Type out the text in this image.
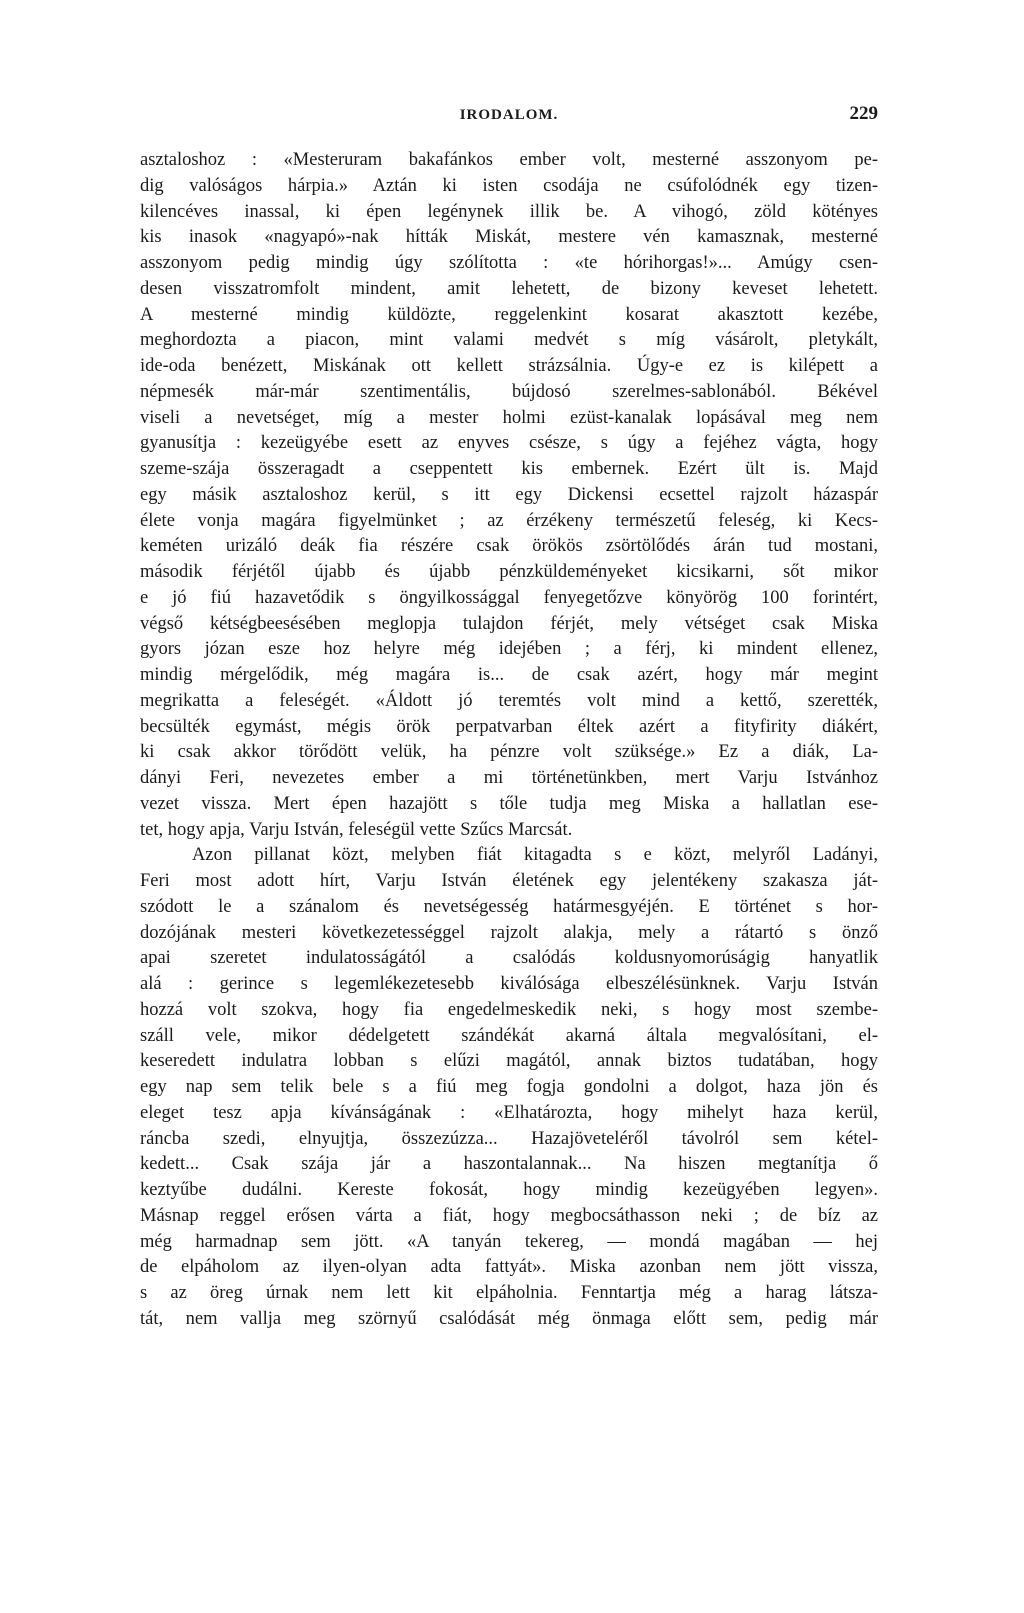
IRODALOM.	229
asztaloshoz : «Mesteruram bakafánkos ember volt, mesterné asszonyom pe-
dig valóságos hárpia.» Aztán ki isten csodája ne csúfolódnék egy tizen-
kilencéves inassal, ki épen legénynek illik be. A vihogó, zöld kötényes
kis inasok «nagyapó»-nak hítták Miskát, mestere vén kamasznak, mesterné
asszonyom pedig mindig úgy szólította : «te hórihorgas!»... Amúgy csen-
desen visszatromfolt mindent, amit lehetett, de bizony keveset lehetett.
A mesterné mindig küldözte, reggelenkint kosarat akasztott kezébe,
meghordozta a piacon, mint valami medvét s míg vásárolt, pletykált,
ide-oda benézett, Miskának ott kellett strázsálnia. Úgy-e ez is kilépett a
népmesék már-már szentimentális, bújdosó szerelmes-sablonából. Békével
viseli a nevetséget, míg a mester holmi ezüst-kanalak lopásával meg nem
gyanusítja : kezeügyébe esett az enyves csésze, s úgy a fejéhez vágta, hogy
szeme-szája összeragadt a cseppentett kis embernek. Ezért ült is. Majd
egy másik asztaloshoz kerül, s itt egy Dickensi ecsettel rajzolt házaspár
élete vonja magára figyelmünket ; az érzékeny természetű feleség, ki Kecs-
keméten urizáló deák fia részére csak örökös zsörtölődés árán tud mostani,
második férjétől újabb és újabb pénzküldeményeket kicsikarni, sőt mikor
e jó fiú hazavetődik s öngyilkossággal fenyegetőzve könyörög 100 forintért,
végső kétségbeesésében meglopja tulajdon férjét, mely vétséget csak Miska
gyors józan esze hoz helyre még idejében ; a férj, ki mindent ellenez,
mindig mérgelődik, még magára is... de csak azért, hogy már megint
megrikatta a feleségét. «Áldott jó teremtés volt mind a kettő, szerették,
becsülték egymást, mégis örök perpatvarban éltek azért a fityfirity diákért,
ki csak akkor törődött velük, ha pénzre volt szüksége.» Ez a diák, La-
dányi Feri, nevezetes ember a mi történetünkben, mert Varju Istvánhoz
vezet vissza. Mert épen hazajött s tőle tudja meg Miska a hallatlan ese-
tet, hogy apja, Varju István, feleségül vette Szűcs Marcsát.
Azon pillanat közt, melyben fiát kitagadta s e közt, melyről Ladányi,
Feri most adott hírt, Varju István életének egy jelentékeny szakasza ját-
szódott le a szánalom és nevetségesség határmesgyéjén. E történet s hor-
dozójának mesteri következetességgel rajzolt alakja, mely a rátartó s önző
apai szeretet indulatosságától a csalódás koldusnyomorúságig hanyatlik
alá : gerince s legemlékezetesebb kiválósága elbeszélésünknek. Varju István
hozzá volt szokva, hogy fia engedelmeskedik neki, s hogy most szembe-
száll vele, mikor dédelgetett szándékát akarná általa megvalósítani, el-
keseredett indulatra lobban s elűzi magától, annak biztos tudatában, hogy
egy nap sem telik bele s a fiú meg fogja gondolni a dolgot, haza jön és
eleget tesz apja kívánságának : «Elhatározta, hogy mihelyt haza kerül,
ráncba szedi, elnyujtja, összezúzza... Hazajöveteléről távolról sem kétel-
kedett... Csak szája jár a haszontalannak... Na hiszen megtanítja ő
keztyűbe dudálni. Kereste fokosát, hogy mindig kezeügyében legyen».
Másnap reggel erősen várta a fiát, hogy megbocsáthasson neki ; de bíz az
még harmadnap sem jött. «A tanyán tekereg, — mondá magában — hej
de elpáholom az ilyen-olyan adta fattyát». Miska azonban nem jött vissza,
s az öreg úrnak nem lett kit elpáholnia. Fenntartja még a harag látsza-
tát, nem vallja meg szörnyű csalódását még önmaga előtt sem, pedig már
